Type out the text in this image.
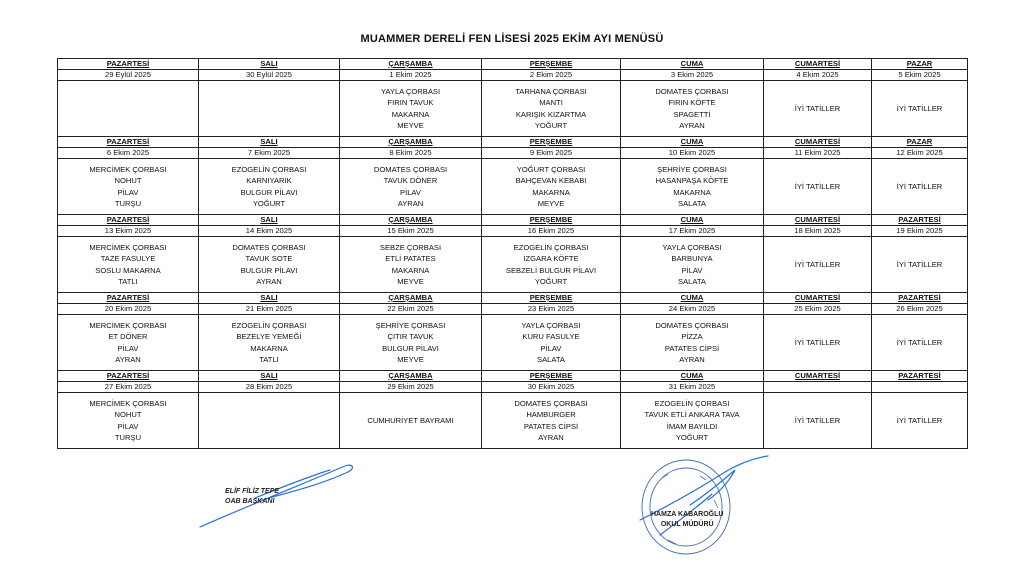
MUAMMER DERELİ FEN LİSESİ 2025 EKİM AYI MENÜSÜ
PAZARTESİ	SALI	ÇARŞAMBA	PERŞEMBE	CUMA	CUMARTESİ	PAZAR
29 Eylül 2025	30 Eylül 2025	1 Ekim 2025	2 Ekim 2025	3 Ekim 2025	4 Ekim 2025	5 Ekim 2025

		YAYLA ÇORBASI
FIRIN TAVUK
MAKARNA
MEYVE	TARHANA ÇORBASI
MANTI
KARIŞIK KIZARTMA
YOĞURT	DOMATES ÇORBASI
FIRIN KÖFTE
SPAGETTİ
AYRAN	İYİ TATİLLER	İYİ TATİLLER

PAZARTESİ	SALI	ÇARŞAMBA	PERŞEMBE	CUMA	CUMARTESİ	PAZAR
6 Ekim 2025	7 Ekim 2025	8 Ekim 2025	9 Ekim 2025	10 Ekim 2025	11 Ekim 2025	12 Ekim 2025

MERCİMEK ÇORBASI
NOHUT
PİLAV
TURŞU	EZOGELİN ÇORBASI
KARNIYARIK
BULGUR PİLAVI
YOĞURT	DOMATES ÇORBASI
TAVUK DÖNER
PİLAV
AYRAN	YOĞURT ÇORBASI
BAHÇEVAN KEBABI
MAKARNA
MEYVE	ŞEHRİYE ÇORBASI
HASANPAŞA KÖFTE
MAKARNA
SALATA	İYİ TATİLLER	İYİ TATİLLER

PAZARTESİ	SALI	ÇARŞAMBA	PERŞEMBE	CUMA	CUMARTESİ	PAZARTESİ
13 Ekim 2025	14 Ekim 2025	15 Ekim 2025	16 Ekim 2025	17 Ekim 2025	18 Ekim 2025	19 Ekim 2025

MERCİMEK ÇORBASI
TAZE FASULYE
SOSLU MAKARNA
TATLI	DOMATES ÇORBASI
TAVUK SOTE
BULGUR PİLAVI
AYRAN	SEBZE ÇORBASI
ETLİ PATATES
MAKARNA
MEYVE	EZOGELİN ÇORBASI
IZGARA KÖFTE
SEBZELİ BULGUR PİLAVI
YOĞURT	YAYLA ÇORBASI
BARBUNYA
PİLAV
SALATA	İYİ TATİLLER	İYİ TATİLLER

PAZARTESİ	SALI	ÇARŞAMBA	PERŞEMBE	CUMA	CUMARTESİ	PAZARTESİ
20 Ekim 2025	21 Ekim 2025	22 Ekim 2025	23 Ekim 2025	24 Ekim 2025	25 Ekim 2025	26 Ekim 2025

MERCİMEK ÇORBASI
ET DÖNER
PİLAV
AYRAN	EZOGELİN ÇORBASI
BEZELYE YEMEĞİ
MAKARNA
TATLI	ŞEHRİYE ÇORBASI
ÇITIR TAVUK
BULGUR PİLAVI
MEYVE	YAYLA ÇORBASI
KURU FASULYE
PİLAV
SALATA	DOMATES ÇORBASI
PİZZA
PATATES CİPSİ
AYRAN	İYİ TATİLLER	İYİ TATİLLER

PAZARTESİ	SALI	ÇARŞAMBA	PERŞEMBE	CUMA	CUMARTESİ	PAZARTESİ
27 Ekim 2025	28 Ekim 2025	29 Ekim 2025	30 Ekim 2025	31 Ekim 2025		

MERCİMEK ÇORBASI
NOHUT
PİLAV
TURŞU		CUMHURİYET BAYRAMI	DOMATES ÇORBASI
HAMBURGER
PATATES CİPSİ
AYRAN	EZOGELİN ÇORBASI
TAVUK ETLİ ANKARA TAVA
İMAM BAYILDI
YOĞURT	İYİ TATİLLER	İYİ TATİLLER
ELİF FİLİZ TEPE
OAB BAŞKANI
HAMZA KABAROĞLU
OKUL MÜDÜRÜ
